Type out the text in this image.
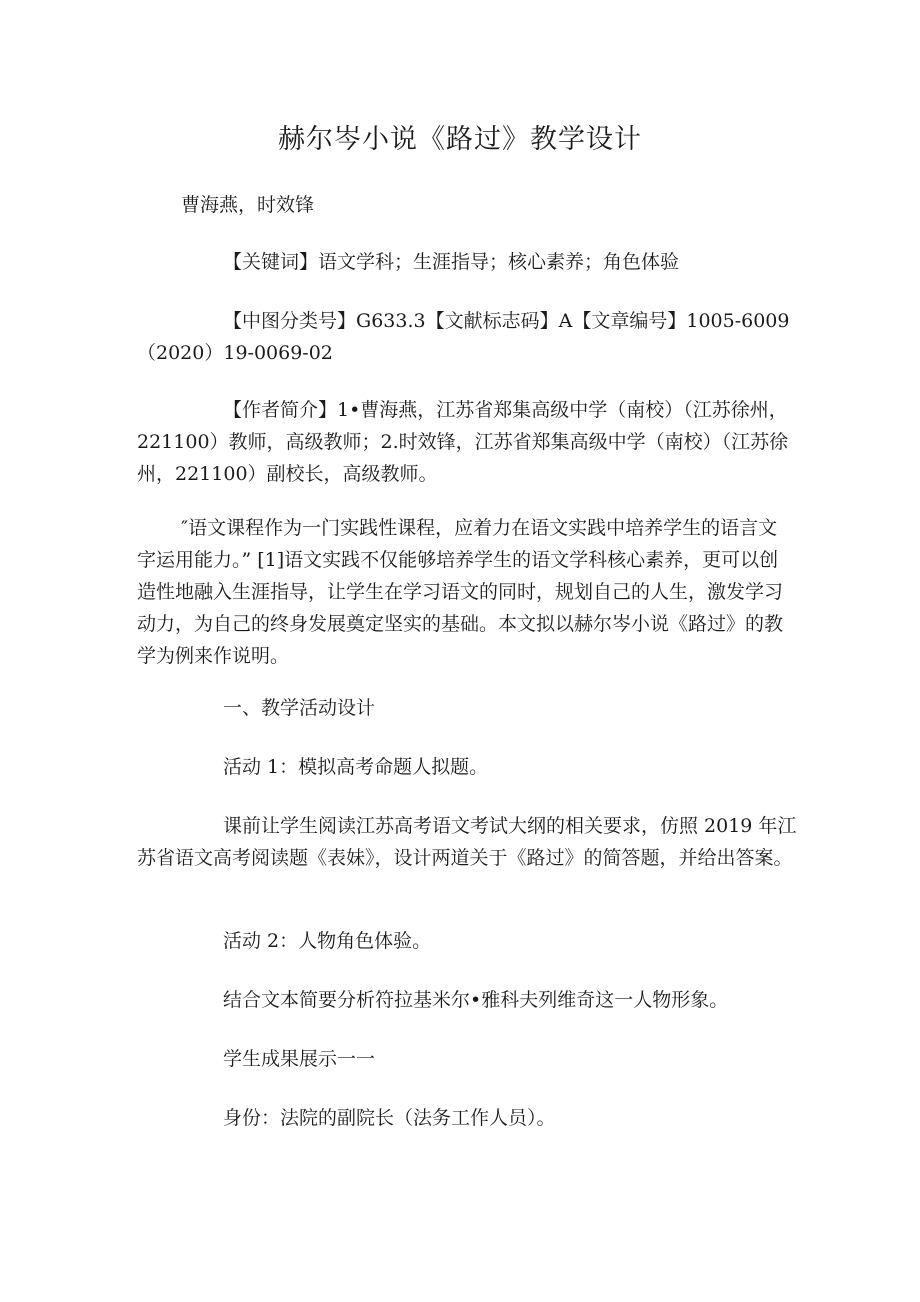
赫尔岑小说《路过》教学设计

曹海燕，时效锋

【关键词】语文学科；生涯指导；核心素养；角色体验

【中图分类号】G633.3【文献标志码】A【文章编号】1005-6009（2020）19-0069-02

【作者简介】1•曹海燕，江苏省郑集高级中学（南校）（江苏徐州，221100）教师，高级教师；2.时效锋，江苏省郑集高级中学（南校）（江苏徐州，221100）副校长，高级教师。

″语文课程作为一门实践性课程，应着力在语文实践中培养学生的语言文字运用能力。” [1]语文实践不仅能够培养学生的语文学科核心素养，更可以创造性地融入生涯指导，让学生在学习语文的同时，规划自己的人生，激发学习动力，为自己的终身发展奠定坚实的基础。本文拟以赫尔岑小说《路过》的教学为例来作说明。

一、教学活动设计

活动 1：模拟高考命题人拟题。

课前让学生阅读江苏高考语文考试大纲的相关要求，仿照 2019 年江苏省语文高考阅读题《表妹》，设计两道关于《路过》的简答题，并给出答案。

活动 2：人物角色体验。

结合文本简要分析符拉基米尔•雅科夫列维奇这一人物形象。

学生成果展示一一

身份：法院的副院长（法务工作人员）。
